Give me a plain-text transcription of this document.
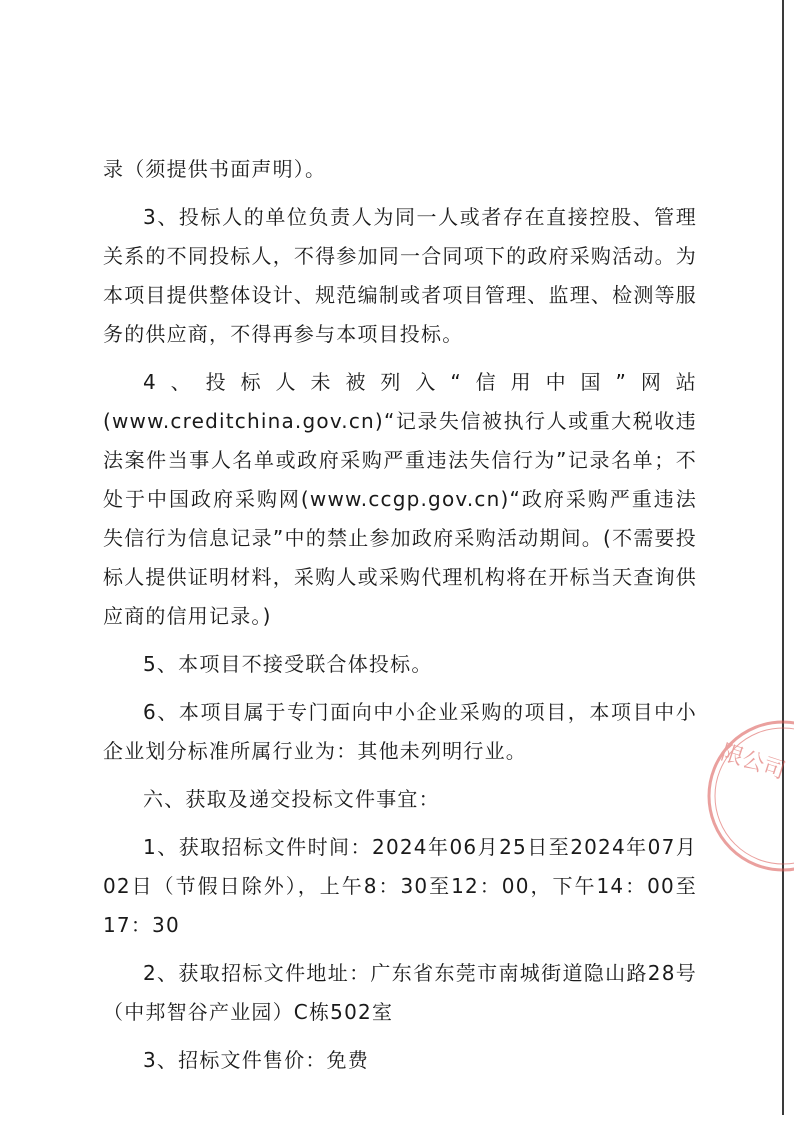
录（须提供书面声明）。

3、投标人的单位负责人为同一人或者存在直接控股、管理关系的不同投标人，不得参加同一合同项下的政府采购活动。为本项目提供整体设计、规范编制或者项目管理、监理、检测等服务的供应商，不得再参与本项目投标。

4、投标人未被列入“信用中国”网站(www.creditchina.gov.cn)“记录失信被执行人或重大税收违法案件当事人名单或政府采购严重违法失信行为”记录名单；不处于中国政府采购网(www.ccgp.gov.cn)“政府采购严重违法失信行为信息记录”中的禁止参加政府采购活动期间。(不需要投标人提供证明材料，采购人或采购代理机构将在开标当天查询供应商的信用记录。)

5、本项目不接受联合体投标。

6、本项目属于专门面向中小企业采购的项目，本项目中小企业划分标准所属行业为：其他未列明行业。

六、获取及递交投标文件事宜：

1、获取招标文件时间：2024年06月25日至2024年07月02日（节假日除外），上午8：30至12：00，下午14：00至17：30

2、获取招标文件地址：广东省东莞市南城街道隐山路28号（中邦智谷产业园）C栋502室

3、招标文件售价：免费

限公司
